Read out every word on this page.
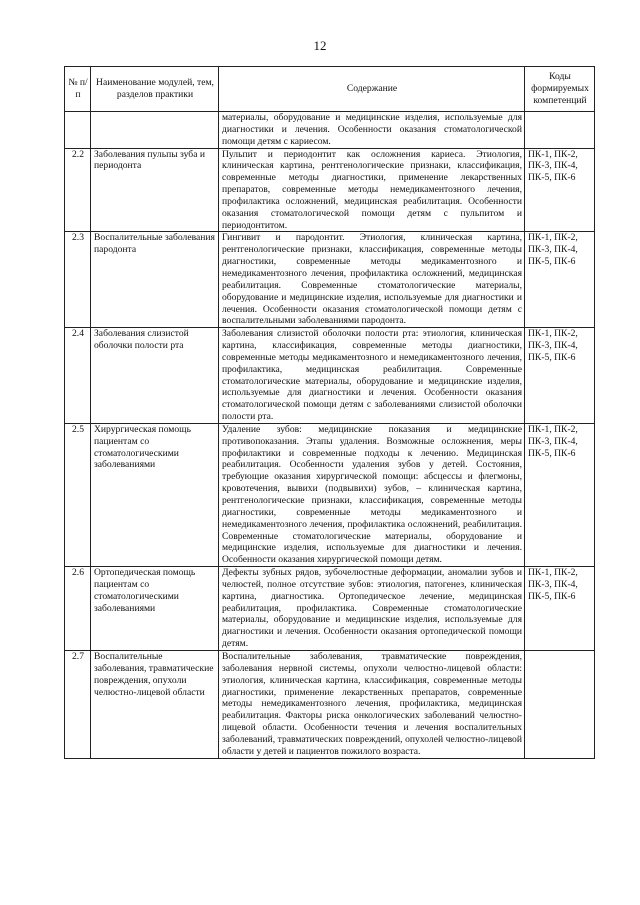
12
№ п/п	Наименование модулей, тем, разделов практики	Содержание	Коды формируемых компетенций
		материалы, оборудование и медицинские изделия, используемые для диагностики и лечения. Особенности оказания стоматологической помощи детям с кариесом.	
2.2	Заболевания пульпы зуба и периодонта	Пульпит и периодонтит как осложнения кариеса. Этиология, клиническая картина, рентгенологические признаки, классификация, современные методы диагностики, применение лекарственных препаратов, современные методы немедикаментозного лечения, профилактика осложнений, медицинская реабилитация. Особенности оказания стоматологической помощи детям с пульпитом и периодонтитом.	ПК-1, ПК-2, ПК-3, ПК-4, ПК-5, ПК-6
2.3	Воспалительные заболевания пародонта	Гингивит и пародонтит. Этиология, клиническая картина, рентгенологические признаки, классификация, современные методы диагностики, современные методы медикаментозного и немедикаментозного лечения, профилактика осложнений, медицинская реабилитация. Современные стоматологические материалы, оборудование и медицинские изделия, используемые для диагностики и лечения. Особенности оказания стоматологической помощи детям с воспалительными заболеваниями пародонта.	ПК-1, ПК-2, ПК-3, ПК-4, ПК-5, ПК-6
2.4	Заболевания слизистой оболочки полости рта	Заболевания слизистой оболочки полости рта: этиология, клиническая картина, классификация, современные методы диагностики, современные методы медикаментозного и немедикаментозного лечения, профилактика, медицинская реабилитация. Современные стоматологические материалы, оборудование и медицинские изделия, используемые для диагностики и лечения. Особенности оказания стоматологической помощи детям с заболеваниями слизистой оболочки полости рта.	ПК-1, ПК-2, ПК-3, ПК-4, ПК-5, ПК-6
2.5	Хирургическая помощь пациентам со стоматологическими заболеваниями	Удаление зубов: медицинские показания и медицинские противопоказания. Этапы удаления. Возможные осложнения, меры профилактики и современные подходы к лечению. Медицинская реабилитация. Особенности удаления зубов у детей. Состояния, требующие оказания хирургической помощи: абсцессы и флегмоны, кровотечения, вывихи (подвывихи) зубов, – клиническая картина, рентгенологические признаки, классификация, современные методы диагностики, современные методы медикаментозного и немедикаментозного лечения, профилактика осложнений, реабилитация. Современные стоматологические материалы, оборудование и медицинские изделия, используемые для диагностики и лечения. Особенности оказания хирургической помощи детям.	ПК-1, ПК-2, ПК-3, ПК-4, ПК-5, ПК-6
2.6	Ортопедическая помощь пациентам со стоматологическими заболеваниями	Дефекты зубных рядов, зубочелюстные деформации, аномалии зубов и челюстей, полное отсутствие зубов: этиология, патогенез, клиническая картина, диагностика. Ортопедическое лечение, медицинская реабилитация, профилактика. Современные стоматологические материалы, оборудование и медицинские изделия, используемые для диагностики и лечения. Особенности оказания ортопедической помощи детям.	ПК-1, ПК-2, ПК-3, ПК-4, ПК-5, ПК-6
2.7	Воспалительные заболевания, травматические повреждения, опухоли челюстно-лицевой области	Воспалительные заболевания, травматические повреждения, заболевания нервной системы, опухоли челюстно-лицевой области: этиология, клиническая картина, классификация, современные методы диагностики, применение лекарственных препаратов, современные методы немедикаментозного лечения, профилактика, медицинская реабилитация. Факторы риска онкологических заболеваний челюстно-лицевой области. Особенности течения и лечения воспалительных заболеваний, травматических повреждений, опухолей челюстно-лицевой области у детей и пациентов пожилого возраста.	
